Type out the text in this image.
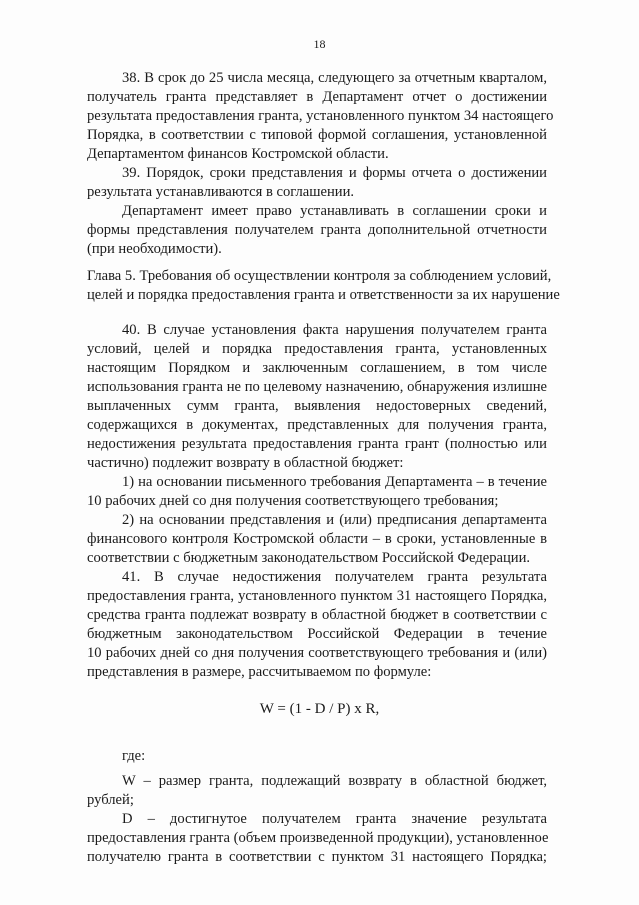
18
38. В срок до 25 числа месяца, следующего за отчетным кварталом,
получатель гранта представляет в Департамент отчет о достижении
результата предоставления гранта, установленного пунктом 34 настоящего
Порядка, в соответствии с типовой формой соглашения, установленной
Департаментом финансов Костромской области.
39. Порядок, сроки представления и формы отчета о достижении
результата устанавливаются в соглашении.
Департамент имеет право устанавливать в соглашении сроки и
формы представления получателем гранта дополнительной отчетности
(при необходимости).
Глава 5. Требования об осуществлении контроля за соблюдением условий,
целей и порядка предоставления гранта и ответственности за их нарушение
40. В случае установления факта нарушения получателем гранта
условий, целей и порядка предоставления гранта, установленных
настоящим Порядком и заключенным соглашением, в том числе
использования гранта не по целевому назначению, обнаружения излишне
выплаченных сумм гранта, выявления недостоверных сведений,
содержащихся в документах, представленных для получения гранта,
недостижения результата предоставления гранта грант (полностью или
частично) подлежит возврату в областной бюджет:
1) на основании письменного требования Департамента – в течение
10 рабочих дней со дня получения соответствующего требования;
2) на основании представления и (или) предписания департамента
финансового контроля Костромской области – в сроки, установленные в
соответствии с бюджетным законодательством Российской Федерации.
41. В случае недостижения получателем гранта результата
предоставления гранта, установленного пунктом 31 настоящего Порядка,
средства гранта подлежат возврату в областной бюджет в соответствии с
бюджетным законодательством Российской Федерации в течение
10 рабочих дней со дня получения соответствующего требования и (или)
представления в размере, рассчитываемом по формуле:
W = (1 - D / P) x R,
где:
W – размер гранта, подлежащий возврату в областной бюджет,
рублей;
D – достигнутое получателем гранта значение результата
предоставления гранта (объем произведенной продукции), установленное
получателю гранта в соответствии с пунктом 31 настоящего Порядка;
